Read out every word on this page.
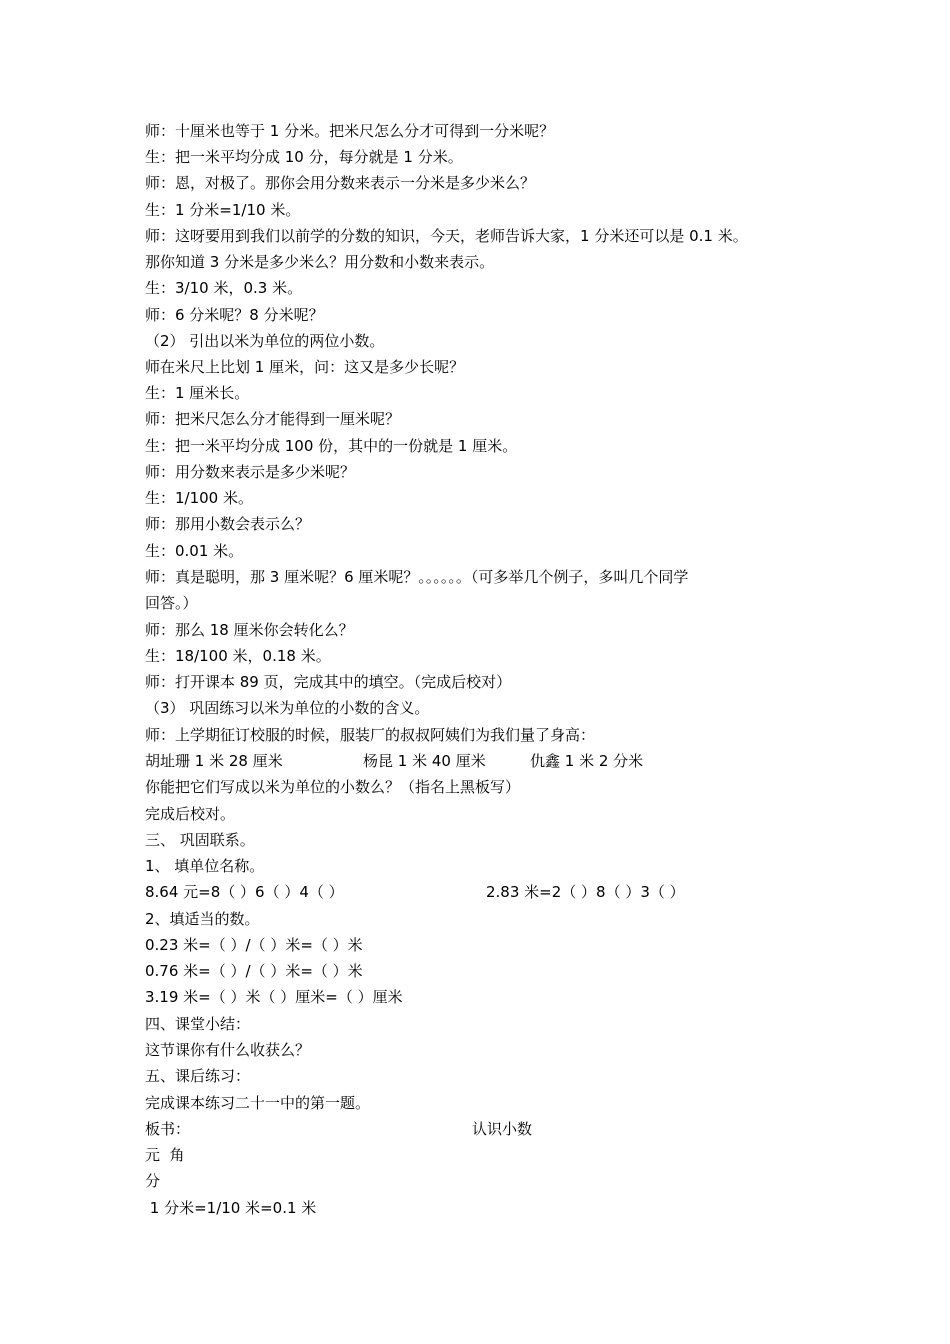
师：十厘米也等于 1 分米。把米尺怎么分才可得到一分米呢？
生：把一米平均分成 10 分，每分就是 1 分米。
师：恩，对极了。那你会用分数来表示一分米是多少米么？
生：1 分米=1/10 米。
师：这呀要用到我们以前学的分数的知识，今天，老师告诉大家，1 分米还可以是 0.1 米。
那你知道 3 分米是多少米么？用分数和小数来表示。
生：3/10 米，0.3 米。
师：6 分米呢？8 分米呢？
（2） 引出以米为单位的两位小数。
师在米尺上比划 1 厘米，问：这又是多少长呢？
生：1 厘米长。
师：把米尺怎么分才能得到一厘米呢？
生：把一米平均分成 100 份，其中的一份就是 1 厘米。
师：用分数来表示是多少米呢？
生：1/100 米。
师：那用小数会表示么？
生：0.01 米。
师：真是聪明，那 3 厘米呢？6 厘米呢？。。。。。。（可多举几个例子，多叫几个同学
回答。）
师：那么 18 厘米你会转化么？
生：18/100 米，0.18 米。
师：打开课本 89 页，完成其中的填空。（完成后校对）
（3） 巩固练习以米为单位的小数的含义。
师：上学期征订校服的时候，服装厂的叔叔阿姨们为我们量了身高：
胡址珊 1 米 28 厘米	杨昆 1 米 40 厘米	仇鑫 1 米 2 分米
你能把它们写成以米为单位的小数么？（指名上黑板写）
完成后校对。
三、 巩固联系。
1、 填单位名称。
8.64 元=8（ ）6（ ）4（ ）	2.83 米=2（ ）8（ ）3（ ）
2、填适当的数。
0.23 米=（ ）/（ ）米=（ ）米
0.76 米=（ ）/（ ）米=（ ）米
3.19 米=（ ）米（ ）厘米=（ ）厘米
四、课堂小结：
这节课你有什么收获么？
五、课后练习：
完成课本练习二十一中的第一题。
板书：	认识小数
元  角
分
1 分米=1/10 米=0.1 米
